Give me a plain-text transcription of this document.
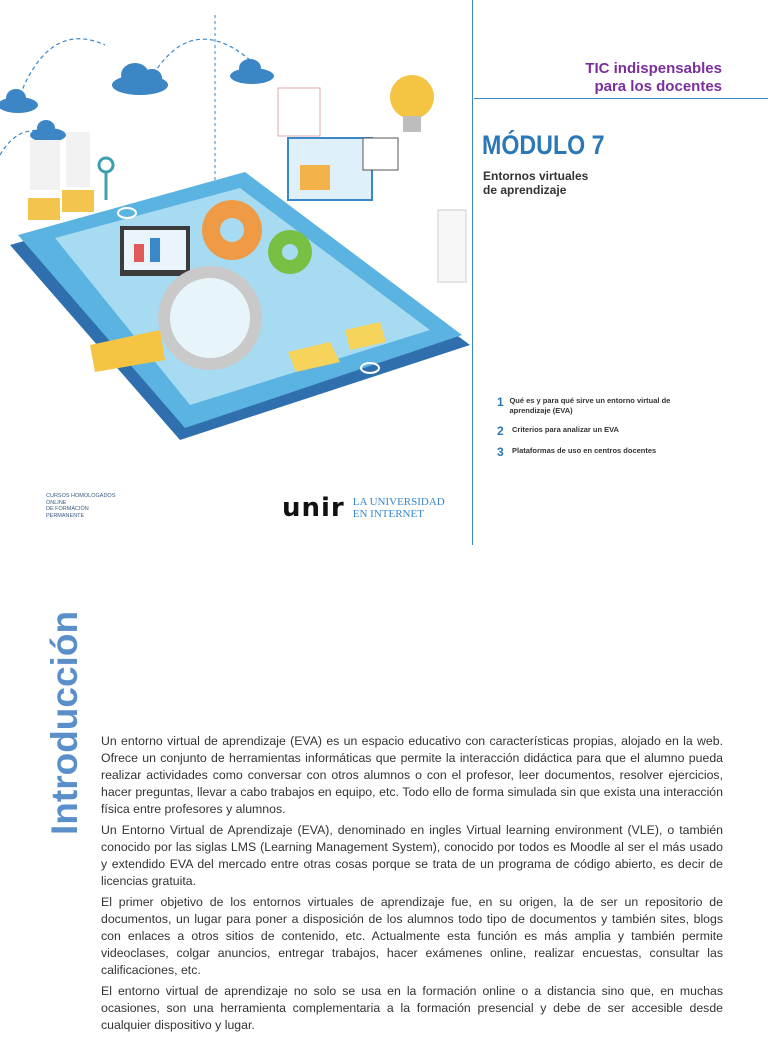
TIC indispensables
para los docentes
MÓDULO 7
Entornos virtuales
de aprendizaje
1 Qué es y para qué sirve un entorno virtual de aprendizaje (EVA)
2	Criterios para analizar un EVA
3	Plataformas de uso en centros docentes
CURSOS HOMOLOGADOS
ONLINE
DE FORMACIÓN
PERMANENTE	unir LA UNIVERSIDAD
EN INTERNET
Introducción Un entorno virtual de aprendizaje (EVA) es un espacio educativo con características propias, alojado en la web. Ofrece un conjunto de herramientas informáticas que permite la interacción didáctica para que el alumno pueda realizar actividades como conversar con otros alumnos o con el profesor, leer documentos, resolver ejercicios, hacer preguntas, llevar a cabo trabajos en equipo, etc. Todo ello de forma simulada sin que exista una interacción física entre profesores y alumnos.

Un Entorno Virtual de Aprendizaje (EVA), denominado en ingles Virtual learning environment (VLE), o también conocido por las siglas LMS (Learning Management System), conocido por todos es Moodle al ser el más usado y extendido EVA del mercado entre otras cosas porque se trata de un programa de código abierto, es decir de licencias gratuita.

El primer objetivo de los entornos virtuales de aprendizaje fue, en su origen, la de ser un repositorio de documentos, un lugar para poner a disposición de los alumnos todo tipo de documentos y también sites, blogs con enlaces a otros sitios de contenido, etc. Actualmente esta función es más amplia y también permite videoclases, colgar anuncios, entregar trabajos, hacer exámenes online, realizar encuestas, consultar las calificaciones, etc.

El entorno virtual de aprendizaje no solo se usa en la formación online o a distancia sino que, en muchas ocasiones, son una herramienta complementaria a la formación presencial y debe de ser accesible desde cualquier dispositivo y lugar.
